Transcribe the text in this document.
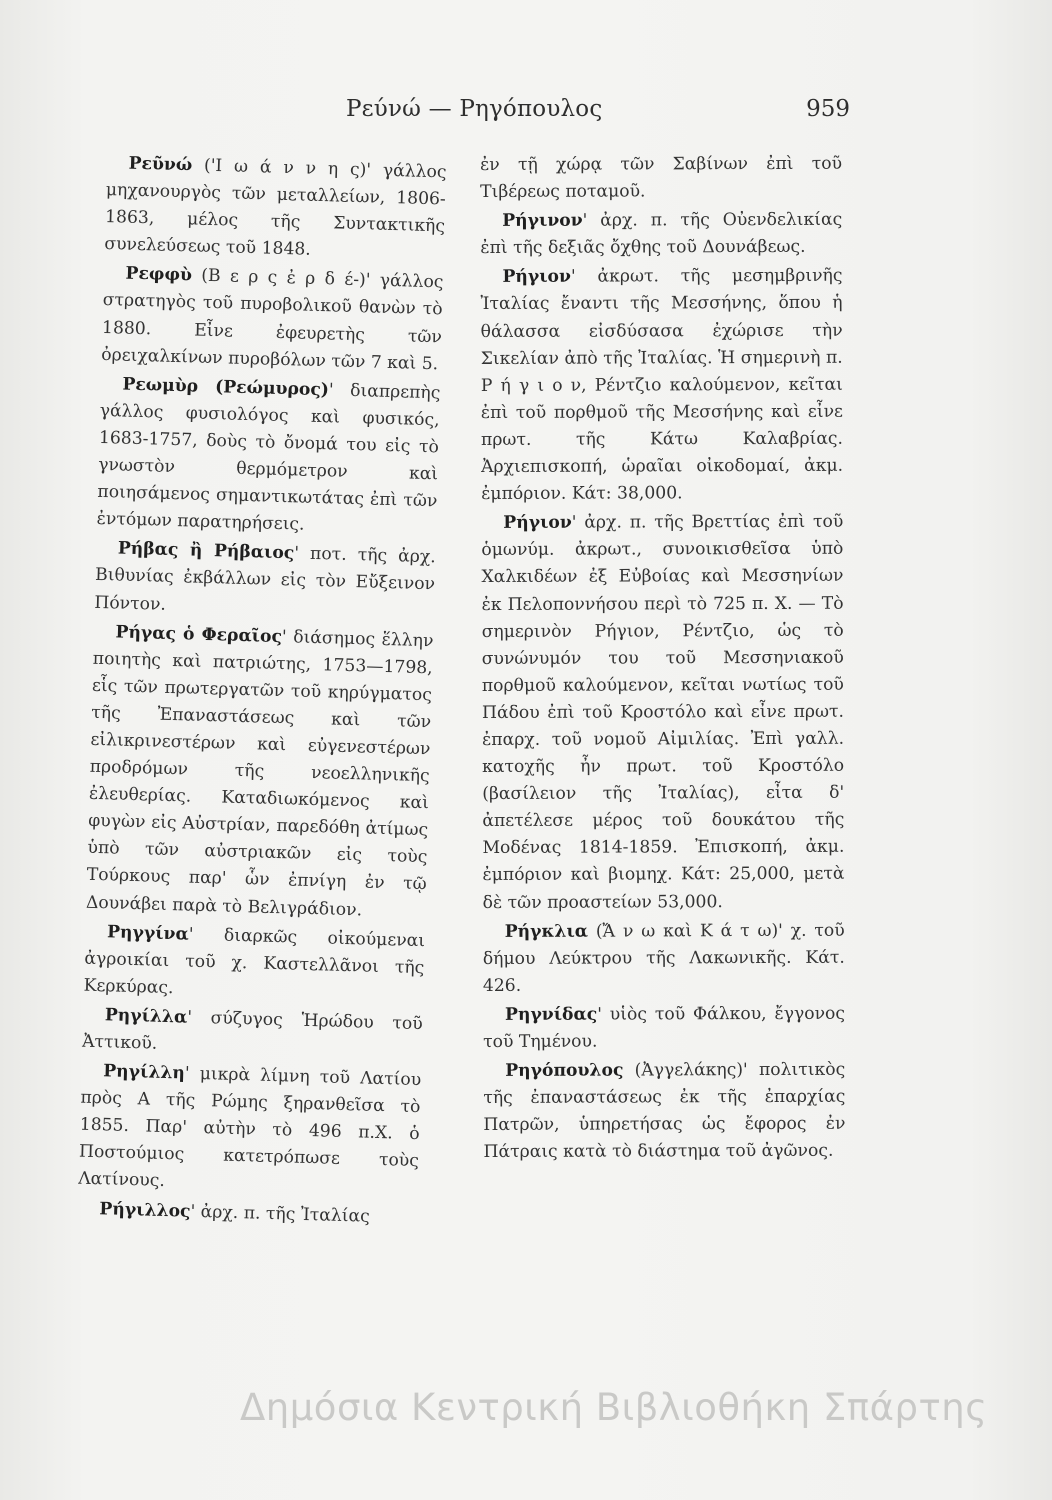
Ρεύνώ — Ρηγόπουλος	959

Ρεῦνώ ('Ι ω ά ν ν η ς)' γάλλος μηχανουργὸς τῶν μεταλλείων, 1806-1863, μέλος τῆς Συντακτικῆς συνελεύσεως τοῦ 1848.

Ρεφφὺ (Β ε ρ ς ἐ ρ δ έ-)' γάλλος στρατηγὸς τοῦ πυροβολικοῦ θανὼν τὸ 1880. Εἶνε ἐφευρετὴς τῶν ὀρειχαλκίνων πυροβόλων τῶν 7 καὶ 5.

Ρεωμὺρ (Ρεώμυρος)' διαπρεπὴς γάλλος φυσιολόγος καὶ φυσικός, 1683-1757, δοὺς τὸ ὄνομά του εἰς τὸ γνωστὸν θερμόμετρον καὶ ποιησάμενος σημαντικωτάτας ἐπὶ τῶν ἐντόμων παρατηρήσεις.

Ρήβας ἢ Ρήβαιος' ποτ. τῆς ἀρχ. Βιθυνίας ἐκβάλλων εἰς τὸν Εὔξεινον Πόντον.

Ρήγας ὁ Φεραῖος' διάσημος ἕλλην ποιητὴς καὶ πατριώτης, 1753—1798, εἷς τῶν πρωτεργατῶν τοῦ κηρύγματος τῆς Ἐπαναστάσεως καὶ τῶν εἰλικρινεστέρων καὶ εὐγενεστέρων προδρόμων τῆς νεοελληνικῆς ἐλευθερίας. Καταδιωκόμενος καὶ φυγὼν εἰς Αὐστρίαν, παρεδόθη ἀτίμως ὑπὸ τῶν αὐστριακῶν εἰς τοὺς Τούρκους παρ' ὧν ἐπνίγη ἐν τῷ Δουνάβει παρὰ τὸ Βελιγράδιον.

Ρηγγίνα' διαρκῶς οἰκούμεναι ἀγροικίαι τοῦ χ. Καστελλᾶνοι τῆς Κερκύρας.

Ρηγίλλα' σύζυγος Ἡρώδου τοῦ Ἀττικοῦ.

Ρηγίλλη' μικρὰ λίμνη τοῦ Λατίου πρὸς Α τῆς Ρώμης ξηρανθεῖσα τὸ 1855. Παρ' αὐτὴν τὸ 496 π.Χ. ὁ Ποστούμιος κατετρόπωσε τοὺς Λατίνους.

Ρήγιλλος' ἀρχ. π. τῆς Ἰταλίας

ἐν τῇ χώρᾳ τῶν Σαβίνων ἐπὶ τοῦ Τιβέρεως ποταμοῦ.

Ρήγινον' ἀρχ. π. τῆς Οὐενδελικίας ἐπὶ τῆς δεξιᾶς ὄχθης τοῦ Δουνάβεως.

Ρήγιον' ἀκρωτ. τῆς μεσημβρινῆς Ἰταλίας ἔναντι τῆς Μεσσήνης, ὅπου ἡ θάλασσα εἰσδύσασα ἐχώρισε τὴν Σικελίαν ἀπὸ τῆς Ἰταλίας. Ἡ σημερινὴ π. Ρ ή γ ι ο ν, Ρέντζιο καλούμενον, κεῖται ἐπὶ τοῦ πορθμοῦ τῆς Μεσσήνης καὶ εἶνε πρωτ. τῆς Κάτω Καλαβρίας. Ἀρχιεπισκοπή, ὡραῖαι οἰκοδομαί, ἀκμ. ἐμπόριον. Κάτ: 38,000.

Ρήγιον' ἀρχ. π. τῆς Βρεττίας ἐπὶ τοῦ ὁμωνύμ. ἀκρωτ., συνοικισθεῖσα ὑπὸ Χαλκιδέων ἐξ Εὐβοίας καὶ Μεσσηνίων ἐκ Πελοποννήσου περὶ τὸ 725 π. Χ. — Τὸ σημερινὸν Ρήγιον, Ρέντζιο, ὡς τὸ συνώνυμόν του τοῦ Μεσσηνιακοῦ πορθμοῦ καλούμενον, κεῖται νωτίως τοῦ Πάδου ἐπὶ τοῦ Κροστόλο καὶ εἶνε πρωτ. ἐπαρχ. τοῦ νομοῦ Αἰμιλίας. Ἐπὶ γαλλ. κατοχῆς ἦν πρωτ. τοῦ Κροστόλο (βασίλειον τῆς Ἰταλίας), εἶτα δ' ἀπετέλεσε μέρος τοῦ δουκάτου τῆς Μοδένας 1814-1859. Ἐπισκοπή, ἀκμ. ἐμπόριον καὶ βιομηχ. Κάτ: 25,000, μετὰ δὲ τῶν προαστείων 53,000.

Ρήγκλια (Ἄ ν ω καὶ Κ ά τ ω)' χ. τοῦ δήμου Λεύκτρου τῆς Λακωνικῆς. Κάτ. 426.

Ρηγνίδας' υἱὸς τοῦ Φάλκου, ἔγγονος τοῦ Τημένου.

Ρηγόπουλος (Ἀγγελάκης)' πολιτικὸς τῆς ἐπαναστάσεως ἐκ τῆς ἐπαρχίας Πατρῶν, ὑπηρετήσας ὡς ἔφορος ἐν Πάτραις κατὰ τὸ διάστημα τοῦ ἀγῶνος.

Δημόσια Κεντρική Βιβλιοθήκη Σπάρτης
